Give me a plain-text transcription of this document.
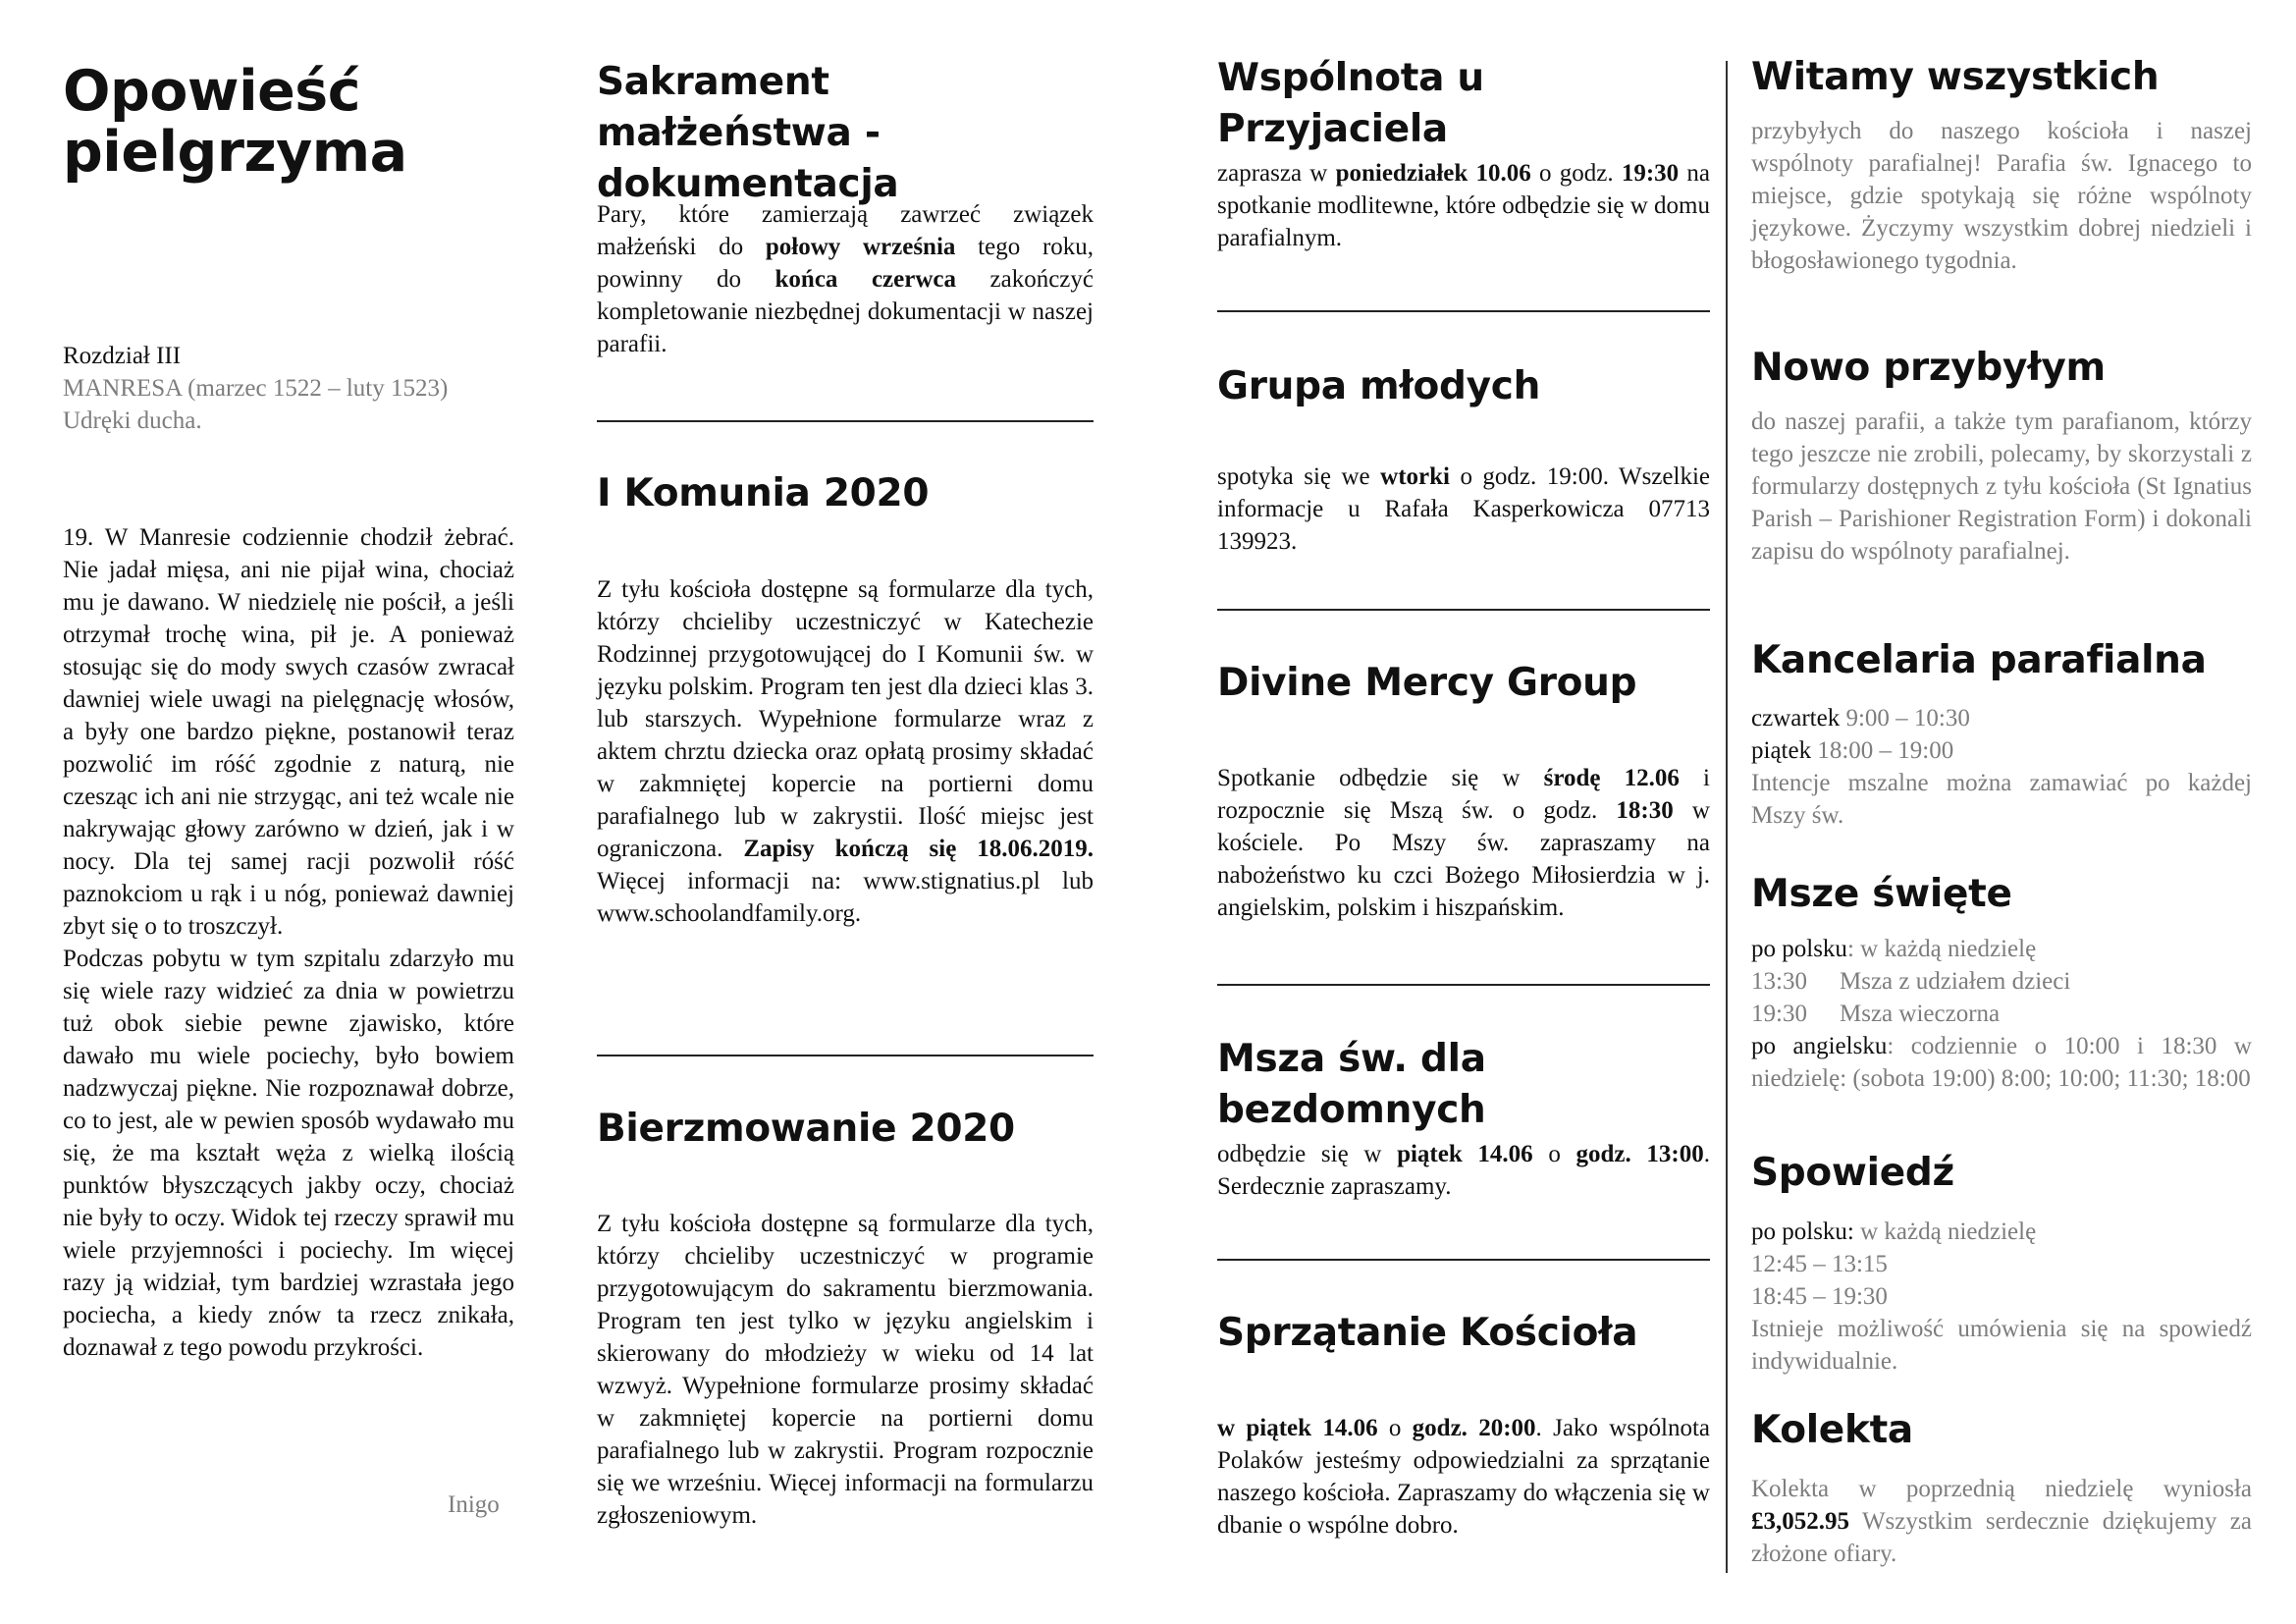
Opowieść
pielgrzyma

Rozdział III

MANRESA (marzec 1522 – luty 1523)

Udręki ducha.

19. W Manresie codziennie chodził żebrać. Nie jadał mięsa, ani nie pijał wina, chociaż mu je dawano. W niedzielę nie pościł, a jeśli otrzymał trochę wina, pił je. A ponieważ stosując się do mody swych czasów zwracał dawniej wiele uwagi na pielęgnację włosów, a były one bardzo piękne, postanowił teraz pozwolić im róść zgodnie z naturą, nie czesząc ich ani nie strzygąc, ani też wcale nie nakrywając głowy zarówno w dzień, jak i w nocy. Dla tej samej racji pozwolił róść paznokciom u rąk i u nóg, ponieważ dawniej zbyt się o to troszczył.

Podczas pobytu w tym szpitalu zdarzyło mu się wiele razy widzieć za dnia w powietrzu tuż obok siebie pewne zjawisko, które dawało mu wiele pociechy, było bowiem nadzwyczaj piękne. Nie rozpoznawał dobrze, co to jest, ale w pewien sposób wydawało mu się, że ma kształt węża z wielką ilością punktów błyszczących jakby oczy, chociaż nie były to oczy. Widok tej rzeczy sprawił mu wiele przyjemności i pociechy. Im więcej razy ją widział, tym bardziej wzrastała jego pociecha, a kiedy znów ta rzecz znikała, doznawał z tego powodu przykrości.

Inigo
Sakrament małżeństwa -
dokumentacja

Pary, które zamierzają zawrzeć związek małżeński do połowy września tego roku, powinny do końca czerwca zakończyć kompletowanie niezbędnej dokumentacji w naszej parafii.

I Komunia 2020

Z tyłu kościoła dostępne są formularze dla tych, którzy chcieliby uczestniczyć w Katechezie Rodzinnej przygotowującej do I Komunii św. w języku polskim. Program ten jest dla dzieci klas 3. lub starszych. Wypełnione formularze wraz z aktem chrztu dziecka oraz opłatą prosimy składać w zakmniętej kopercie na portierni domu parafialnego lub w zakrystii. Ilość miejsc jest ograniczona. Zapisy kończą się 18.06.2019. Więcej informacji na: www.stignatius.pl lub www.schoolandfamily.org.

Bierzmowanie 2020

Z tyłu kościoła dostępne są formularze dla tych, którzy chcieliby uczestniczyć w programie przygotowującym do sakramentu bierzmowania. Program ten jest tylko w języku angielskim i skierowany do młodzieży w wieku od 14 lat wzwyż. Wypełnione formularze prosimy składać w zakmniętej kopercie na portierni domu parafialnego lub w zakrystii. Program rozpocznie się we wrześniu. Więcej informacji na formularzu zgłoszeniowym.

Wspólnota u Przyjaciela

zaprasza w poniedziałek 10.06 o godz. 19:30 na spotkanie modlitewne, które odbędzie się w domu parafialnym.

Grupa młodych

spotyka się we wtorki o godz. 19:00. Wszelkie informacje u Rafała Kasperkowicza 07713 139923.

Divine Mercy Group

Spotkanie odbędzie się w środę 12.06 i rozpocznie się Mszą św. o godz. 18:30 w kościele. Po Mszy św. zapraszamy na nabożeństwo ku czci Bożego Miłosierdzia w j. angielskim, polskim i hiszpańskim.

Msza św. dla bezdomnych

odbędzie się w piątek 14.06 o godz. 13:00. Serdecznie zapraszamy.

Sprzątanie Kościoła

w piątek 14.06 o godz. 20:00. Jako wspólnota Polaków jesteśmy odpowiedzialni za sprzątanie naszego kościoła. Zapraszamy do włączenia się w dbanie o wspólne dobro.

Witamy wszystkich

przybyłych do naszego kościoła i naszej wspólnoty parafialnej! Parafia św. Ignacego to miejsce, gdzie spotykają się różne wspólnoty językowe. Życzymy wszystkim dobrej niedzieli i błogosławionego tygodnia.

Nowo przybyłym

do naszej parafii, a także tym parafianom, którzy tego jeszcze nie zrobili, polecamy, by skorzystali z formularzy dostępnych z tyłu kościoła (St Ignatius Parish – Parishioner Registration Form) i dokonali zapisu do wspólnoty parafialnej.

Kancelaria parafialna

czwartek 9:00 – 10:30

piątek 18:00 – 19:00

Intencje mszalne można zamawiać po każdej Mszy św.

Msze święte

po polsku: w każdą niedzielę

13:30 Msza z udziałem dzieci

19:30 Msza wieczorna

po angielsku: codziennie o 10:00 i 18:30 w niedzielę: (sobota 19:00) 8:00; 10:00; 11:30; 18:00

Spowiedź

po polsku: w każdą niedzielę

12:45 – 13:15

18:45 – 19:30

Istnieje możliwość umówienia się na spowiedź indywidualnie.

Kolekta

Kolekta w poprzednią niedzielę wyniosła £3,052.95 Wszystkim serdecznie dziękujemy za złożone ofiary.
